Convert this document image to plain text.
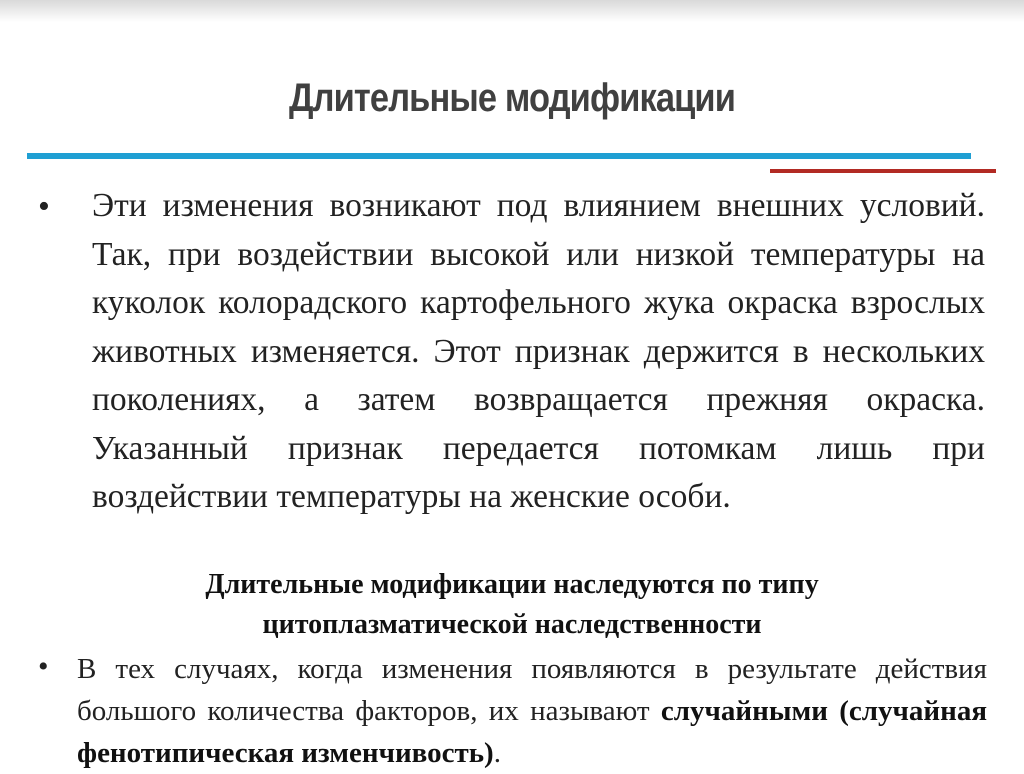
Длительные модификации
• Эти изменения возникают под влиянием внешних условий. Так, при воздействии высокой или низкой температуры на куколок колорадского картофельного жука окраска взрослых животных изменяется. Этот признак держится в нескольких поколениях, а затем возвращается прежняя окраска. Указанный признак передается потомкам лишь при воздействии температуры на женские особи.

Длительные модификации наследуются по типу
цитоплазматической наследственности
• В тех случаях, когда изменения появляются в результате действия большого количества факторов, их называют случайными (случайная фенотипическая изменчивость).
